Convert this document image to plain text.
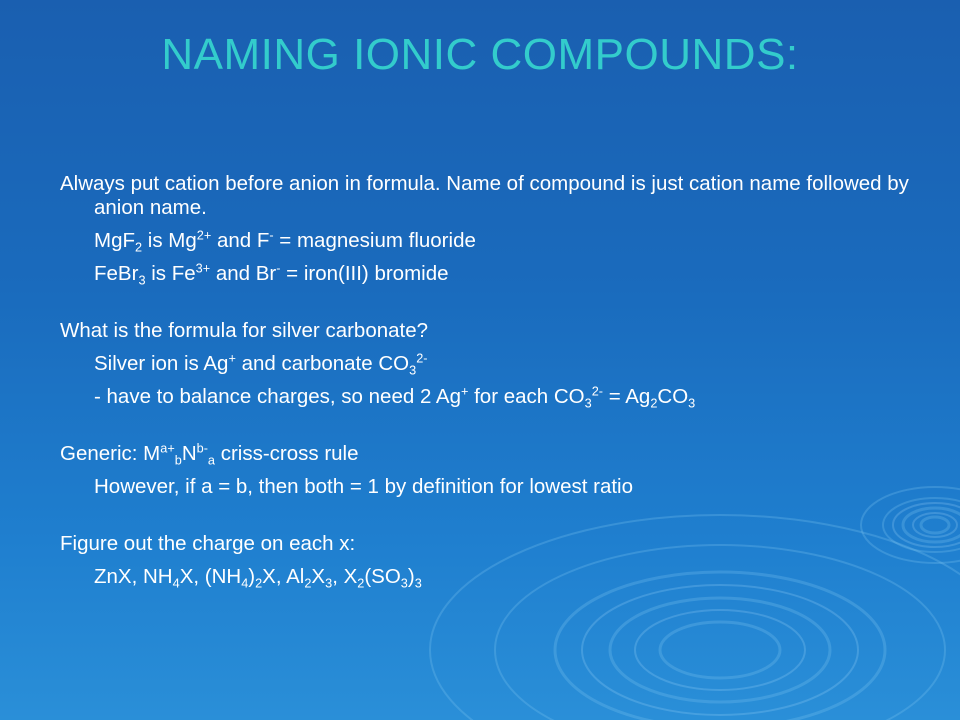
NAMING IONIC COMPOUNDS:
Always put cation before anion in formula. Name of compound is just cation name followed by anion name.
MgF$_2$ is $Mg^{2+}$ and F- = magnesium fluoride
FeBr$_3$ is $Fe^{3+}$ and Br- = iron(III) bromide
What is the formula for silver carbonate?
Silver ion is Ag+ and carbonate $CO_3^{2-}$
- have to balance charges, so need 2 Ag+ for each $CO_3^{2-} = Ag_2CO_3$
Generic: $M^{a+}_bN^{b-}_a$ criss-cross rule
However, if a = b, then both = 1 by definition for lowest ratio
Figure out the charge on each x:
ZnX, $NH_4X$, $(NH_4)_2X$, $Al_2X_3$, $X_2(SO_3)_3$
